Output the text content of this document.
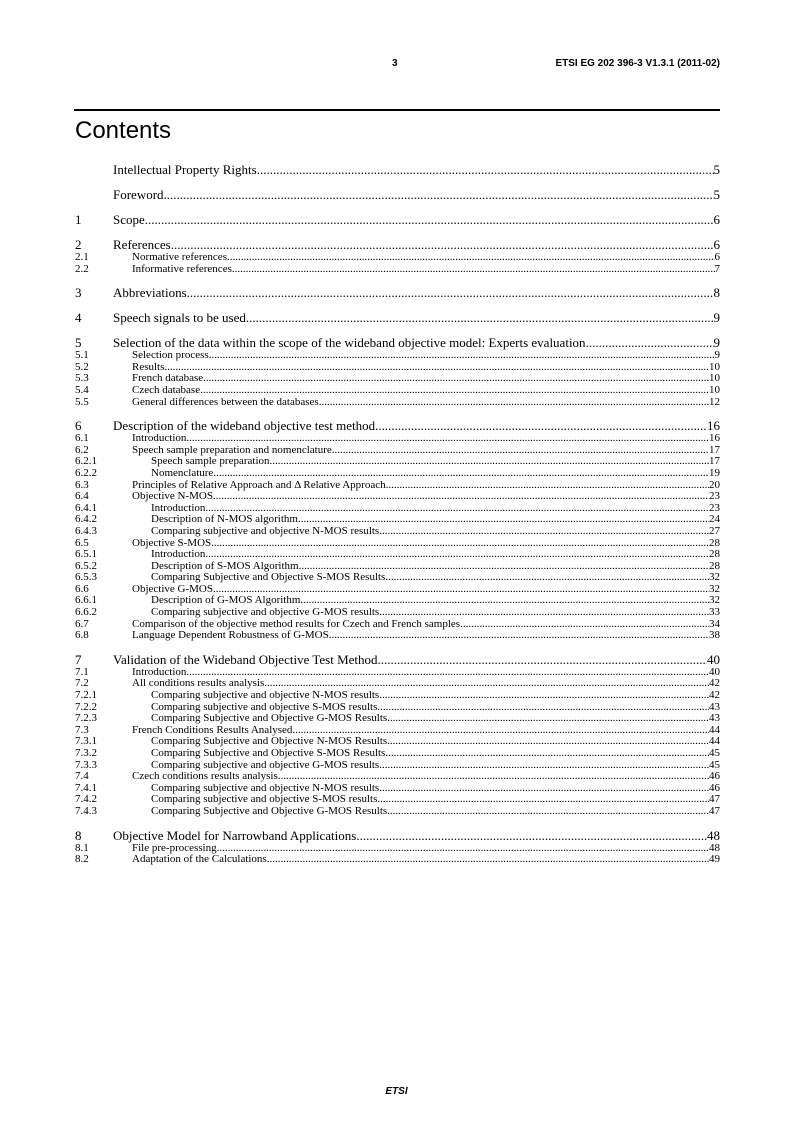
3	ETSI EG 202 396-3 V1.3.1 (2011-02)
Contents
Intellectual Property Rights .....	5
Foreword .....	5
1	Scope .....	6
2	References .....	6
2.1	Normative references .....	6
2.2	Informative references .....	7
3	Abbreviations .....	8
4	Speech signals to be used .....	9
5	Selection of the data within the scope of the wideband objective model: Experts evaluation .....	9
5.1	Selection process .....	9
5.2	Results .....	10
5.3	French database .....	10
5.4	Czech database .....	10
5.5	General differences between the databases .....	12
6	Description of the wideband objective test method .....	16
6.1	Introduction .....	16
6.2	Speech sample preparation and nomenclature .....	17
6.2.1	Speech sample preparation .....	17
6.2.2	Nomenclature .....	19
6.3	Principles of Relative Approach and Δ Relative Approach .....	20
6.4	Objective N-MOS .....	23
6.4.1	Introduction .....	23
6.4.2	Description of N-MOS algorithm .....	24
6.4.3	Comparing subjective and objective N-MOS results .....	27
6.5	Objective S-MOS .....	28
6.5.1	Introduction .....	28
6.5.2	Description of S-MOS Algorithm .....	28
6.5.3	Comparing Subjective and Objective S-MOS Results .....	32
6.6	Objective G-MOS .....	32
6.6.1	Description of G-MOS Algorithm .....	32
6.6.2	Comparing subjective and objective G-MOS results .....	33
6.7	Comparison of the objective method results for Czech and French samples .....	34
6.8	Language Dependent Robustness of G-MOS .....	38
7	Validation of the Wideband Objective Test Method .....	40
7.1	Introduction .....	40
7.2	All conditions results analysis .....	42
7.2.1	Comparing subjective and objective N-MOS results .....	42
7.2.2	Comparing subjective and objective S-MOS results .....	43
7.2.3	Comparing Subjective and Objective G-MOS Results .....	43
7.3	French Conditions Results Analysed .....	44
7.3.1	Comparing Subjective and Objective N-MOS Results .....	44
7.3.2	Comparing Subjective and Objective S-MOS Results .....	45
7.3.3	Comparing subjective and objective G-MOS results .....	45
7.4	Czech conditions results analysis .....	46
7.4.1	Comparing subjective and objective N-MOS results .....	46
7.4.2	Comparing subjective and objective S-MOS results .....	47
7.4.3	Comparing Subjective and Objective G-MOS Results .....	47
8	Objective Model for Narrowband Applications .....	48
8.1	File pre-processing .....	48
8.2	Adaptation of the Calculations .....	49
ETSI
